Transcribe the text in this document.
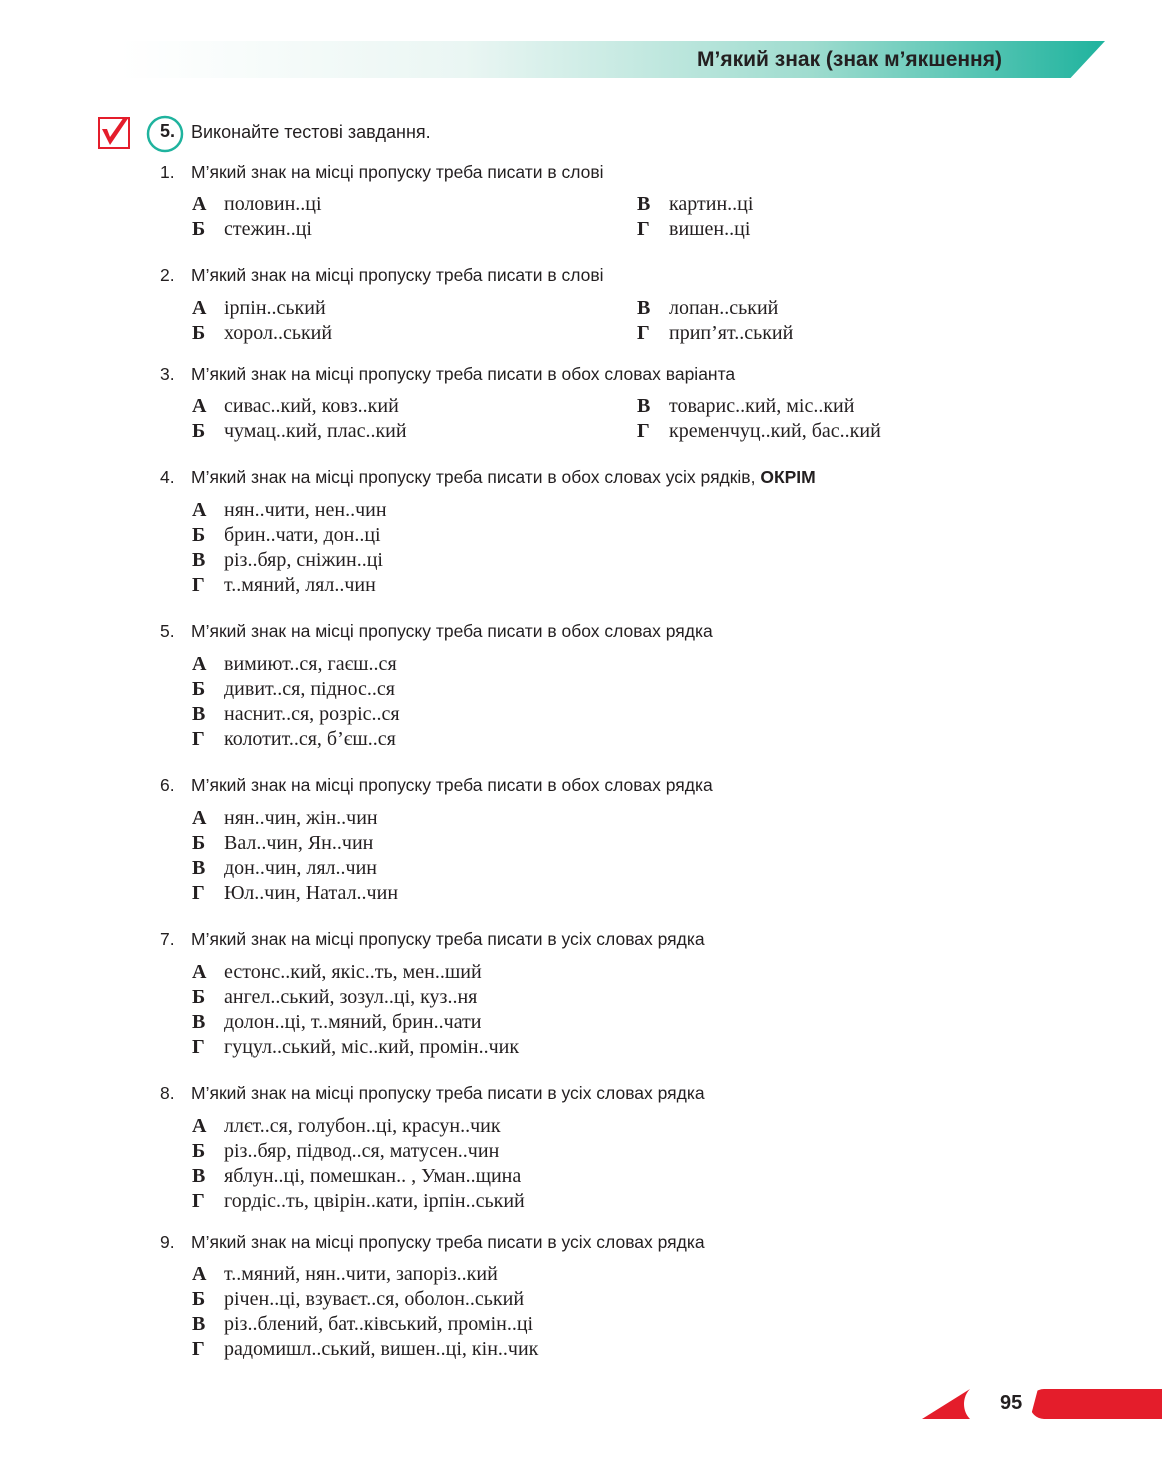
М’який знак (знак м’якшення)
5. Виконайте тестові завдання.
1. М’який знак на місці пропуску треба писати в слові
А половин..ці
Б стежин..ці
В картин..ці
Г вишен..ці
2. М’який знак на місці пропуску треба писати в слові
А ірпін..ський
Б хорол..ський
В лопан..ський
Г прип’ят..ський
3. М’який знак на місці пропуску треба писати в обох словах варіанта
А сивас..кий, ковз..кий
Б чумац..кий, плас..кий
В товарис..кий, міс..кий
Г кременчуц..кий, бас..кий
4. М’який знак на місці пропуску треба писати в обох словах усіх рядків, ОКРІМ
А нян..чити, нен..чин
Б брин..чати, дон..ці
В різ..бяр, сніжин..ці
Г т..мяний, лял..чин
5. М’який знак на місці пропуску треба писати в обох словах рядка
А вимиют..ся, гаєш..ся
Б дивит..ся, піднос..ся
В наснит..ся, розріс..ся
Г колотит..ся, б’єш..ся
6. М’який знак на місці пропуску треба писати в обох словах рядка
А нян..чин, жін..чин
Б Вал..чин, Ян..чин
В дон..чин, лял..чин
Г Юл..чин, Натал..чин
7. М’який знак на місці пропуску треба писати в усіх словах рядка
А естонс..кий, якіс..ть, мен..ший
Б ангел..ський, зозул..ці, куз..ня
В долон..ці, т..мяний, брин..чати
Г гуцул..ський, міс..кий, промін..чик
8. М’який знак на місці пропуску треба писати в усіх словах рядка
А ллєт..ся, голубон..ці, красун..чик
Б різ..бяр, підвод..ся, матусен..чин
В яблун..ці, помешкан.. , Уман..щина
Г гордіс..ть, цвірін..кати, ірпін..ський
9. М’який знак на місці пропуску треба писати в усіх словах рядка
А т..мяний, нян..чити, запоріз..кий
Б річен..ці, взуваєт..ся, оболон..ський
В різ..блений, бат..ківський, промін..ці
Г радомишл..ський, вишен..ці, кін..чик
95
